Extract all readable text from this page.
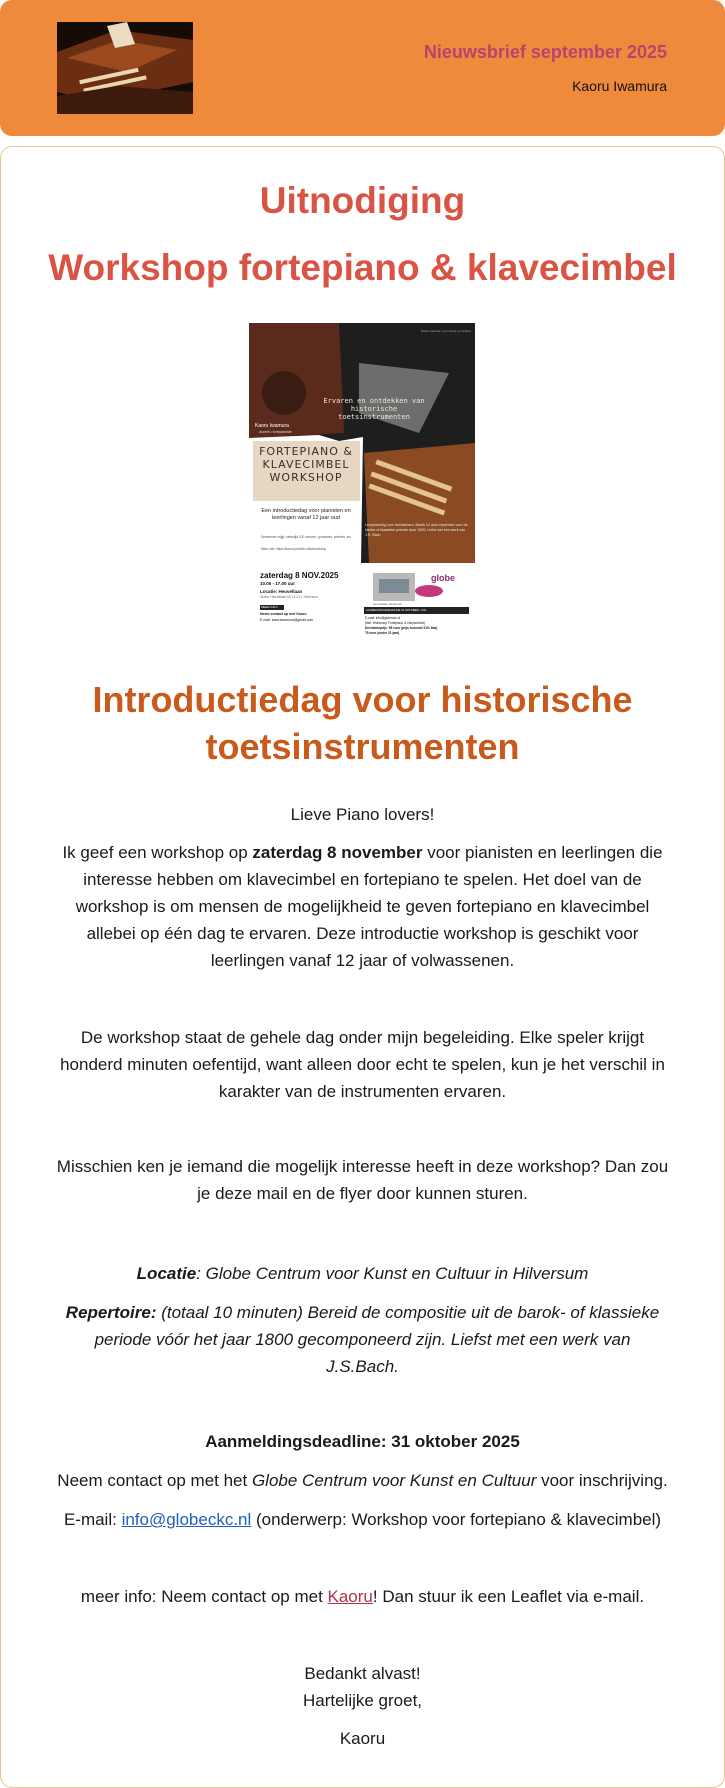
Nieuwsbrief september 2025
Kaoru Iwamura
Uitnodiging
Workshop fortepiano & klavecimbel
Globe Centrum voor Kunst en Cultuur
Ervaren en ontdekken van historische toetsinstrumenten
Kaoru Iwamura
docent • fortepianiste
FORTEPIANO & KLAVECIMBEL WORKSHOP
Een introductiedag voor pianisten en leerlingen vanaf 12 jaar oud
Deelnemer krijgt: oefentijd 100 minuten, groepsles, presties, etc.
Meer info: https://kaoru.portfolio.site/workshop
zaterdag 8 NOV.2025
10.00 - 17.00 uur
Locatie: Heuvellaan
Globe, Heuvellaan 63 1217JJ, Hilversum
MEER INFO
Neem contact op met Kaoru
E-mail: kaoruiwamura@gmail.com
Leerplanning voor deelnemers: Barok 12 duur repertoire voor de klavier of klassieke periode duur 1800. Liefst met een werk van J.S. Bach.
globe
Heuvellaan Hilversum
AANMELDINGSDEADLINE 31 OKTOBER • VOL
E-mail: info@globeckc.nl
(titel: Workshop Fortepiano & Harpsichord)
Deelnameprijs: 95 euro (prijs inclusief 21% btw)
75 euro (onder 21 jaar)
Introductiedag voor historische toetsinstrumenten
Lieve Piano lovers!
Ik geef een workshop op zaterdag 8 november voor pianisten en leerlingen die interesse hebben om klavecimbel en fortepiano te spelen. Het doel van de workshop is om mensen de mogelijkheid te geven fortepiano en klavecimbel allebei op één dag te ervaren. Deze introductie workshop is geschikt voor leerlingen vanaf 12 jaar of volwassenen.
De workshop staat de gehele dag onder mijn begeleiding. Elke speler krijgt honderd minuten oefentijd, want alleen door echt te spelen, kun je het verschil in karakter van de instrumenten ervaren.
Misschien ken je iemand die mogelijk interesse heeft in deze workshop? Dan zou je deze mail en de flyer door kunnen sturen.
Locatie: Globe Centrum voor Kunst en Cultuur in Hilversum
Repertoire: (totaal 10 minuten) Bereid de compositie uit de barok- of klassieke periode vóór het jaar 1800 gecomponeerd zijn. Liefst met een werk van J.S.Bach.
Aanmeldingsdeadline: 31 oktober 2025
Neem contact op met het Globe Centrum voor Kunst en Cultuur voor inschrijving.
E-mail: info@globeckc.nl (onderwerp: Workshop voor fortepiano & klavecimbel)
meer info: Neem contact op met Kaoru! Dan stuur ik een Leaflet via e-mail.
Bedankt alvast!
Hartelijke groet,
Kaoru
